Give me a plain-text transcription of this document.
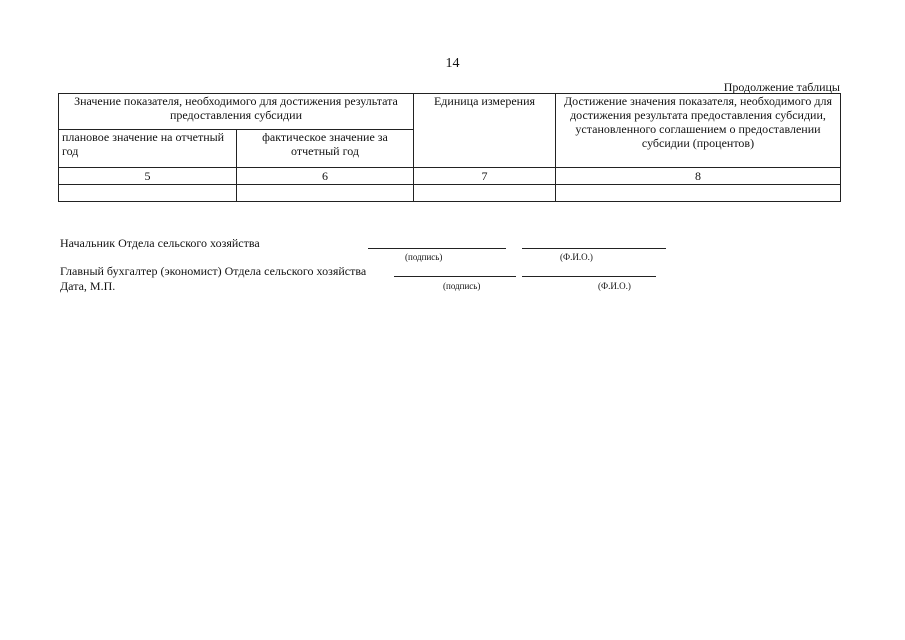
14
Продолжение таблицы
Значение показателя, необходимого для достижения результата предоставления субсидии		Единица измерения	Достижение значения показателя, необходимого для достижения результата предоставления субсидии, установленного соглашением о предоставлении субсидии (процентов)
плановое значение на отчетный год	фактическое значение за отчетный год		
5	6	7	8

Начальник Отдела сельского хозяйства
(подпись)	(Ф.И.О.)
Главный бухгалтер (экономист) Отдела сельского хозяйства
Дата, М.П.	(подпись)	(Ф.И.О.)
